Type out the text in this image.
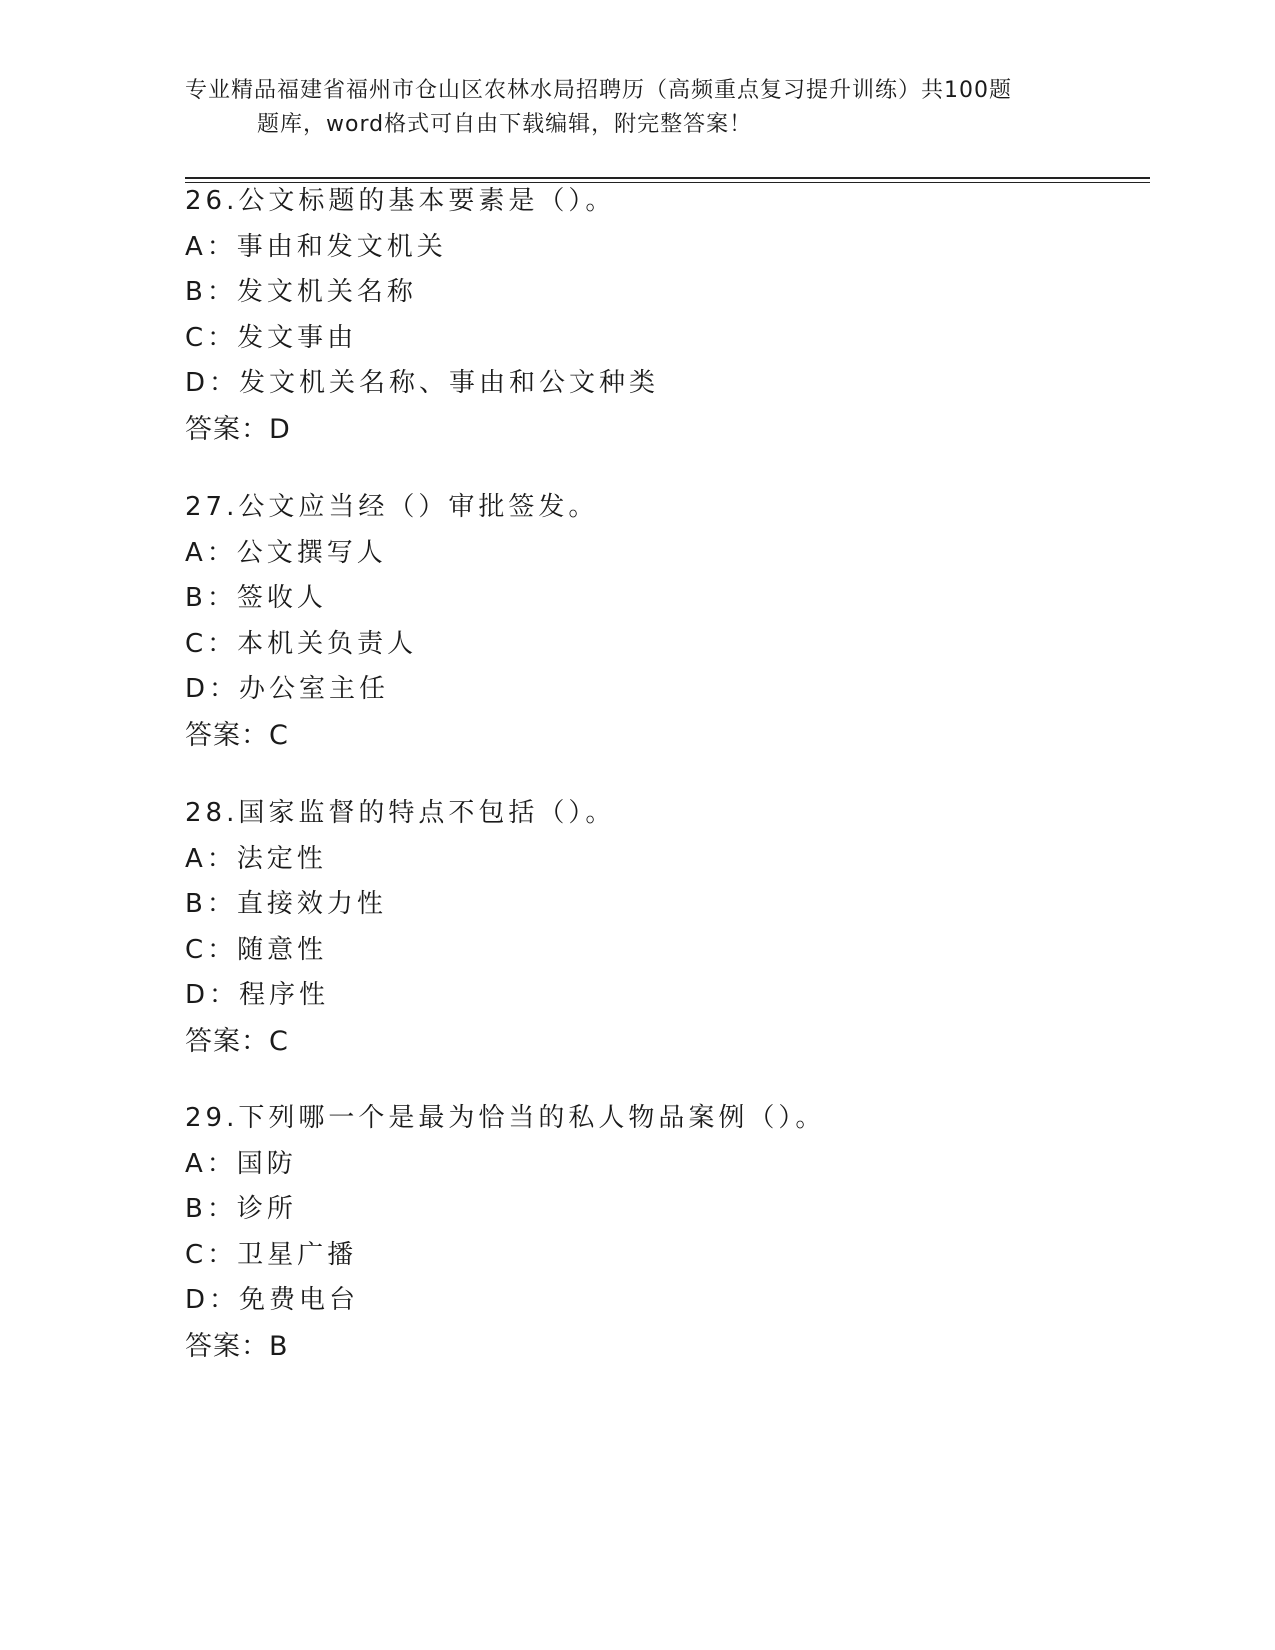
专业精品福建省福州市仓山区农林水局招聘历（高频重点复习提升训练）共100题
题库，word格式可自由下载编辑，附完整答案！
26.公文标题的基本要素是（）。
A：事由和发文机关
B：发文机关名称
C：发文事由
D：发文机关名称、事由和公文种类
答案：D
27.公文应当经（）审批签发。
A：公文撰写人
B：签收人
C：本机关负责人
D：办公室主任
答案：C
28.国家监督的特点不包括（）。
A：法定性
B：直接效力性
C：随意性
D：程序性
答案：C
29.下列哪一个是最为恰当的私人物品案例（）。
A：国防
B：诊所
C：卫星广播
D：免费电台
答案：B
